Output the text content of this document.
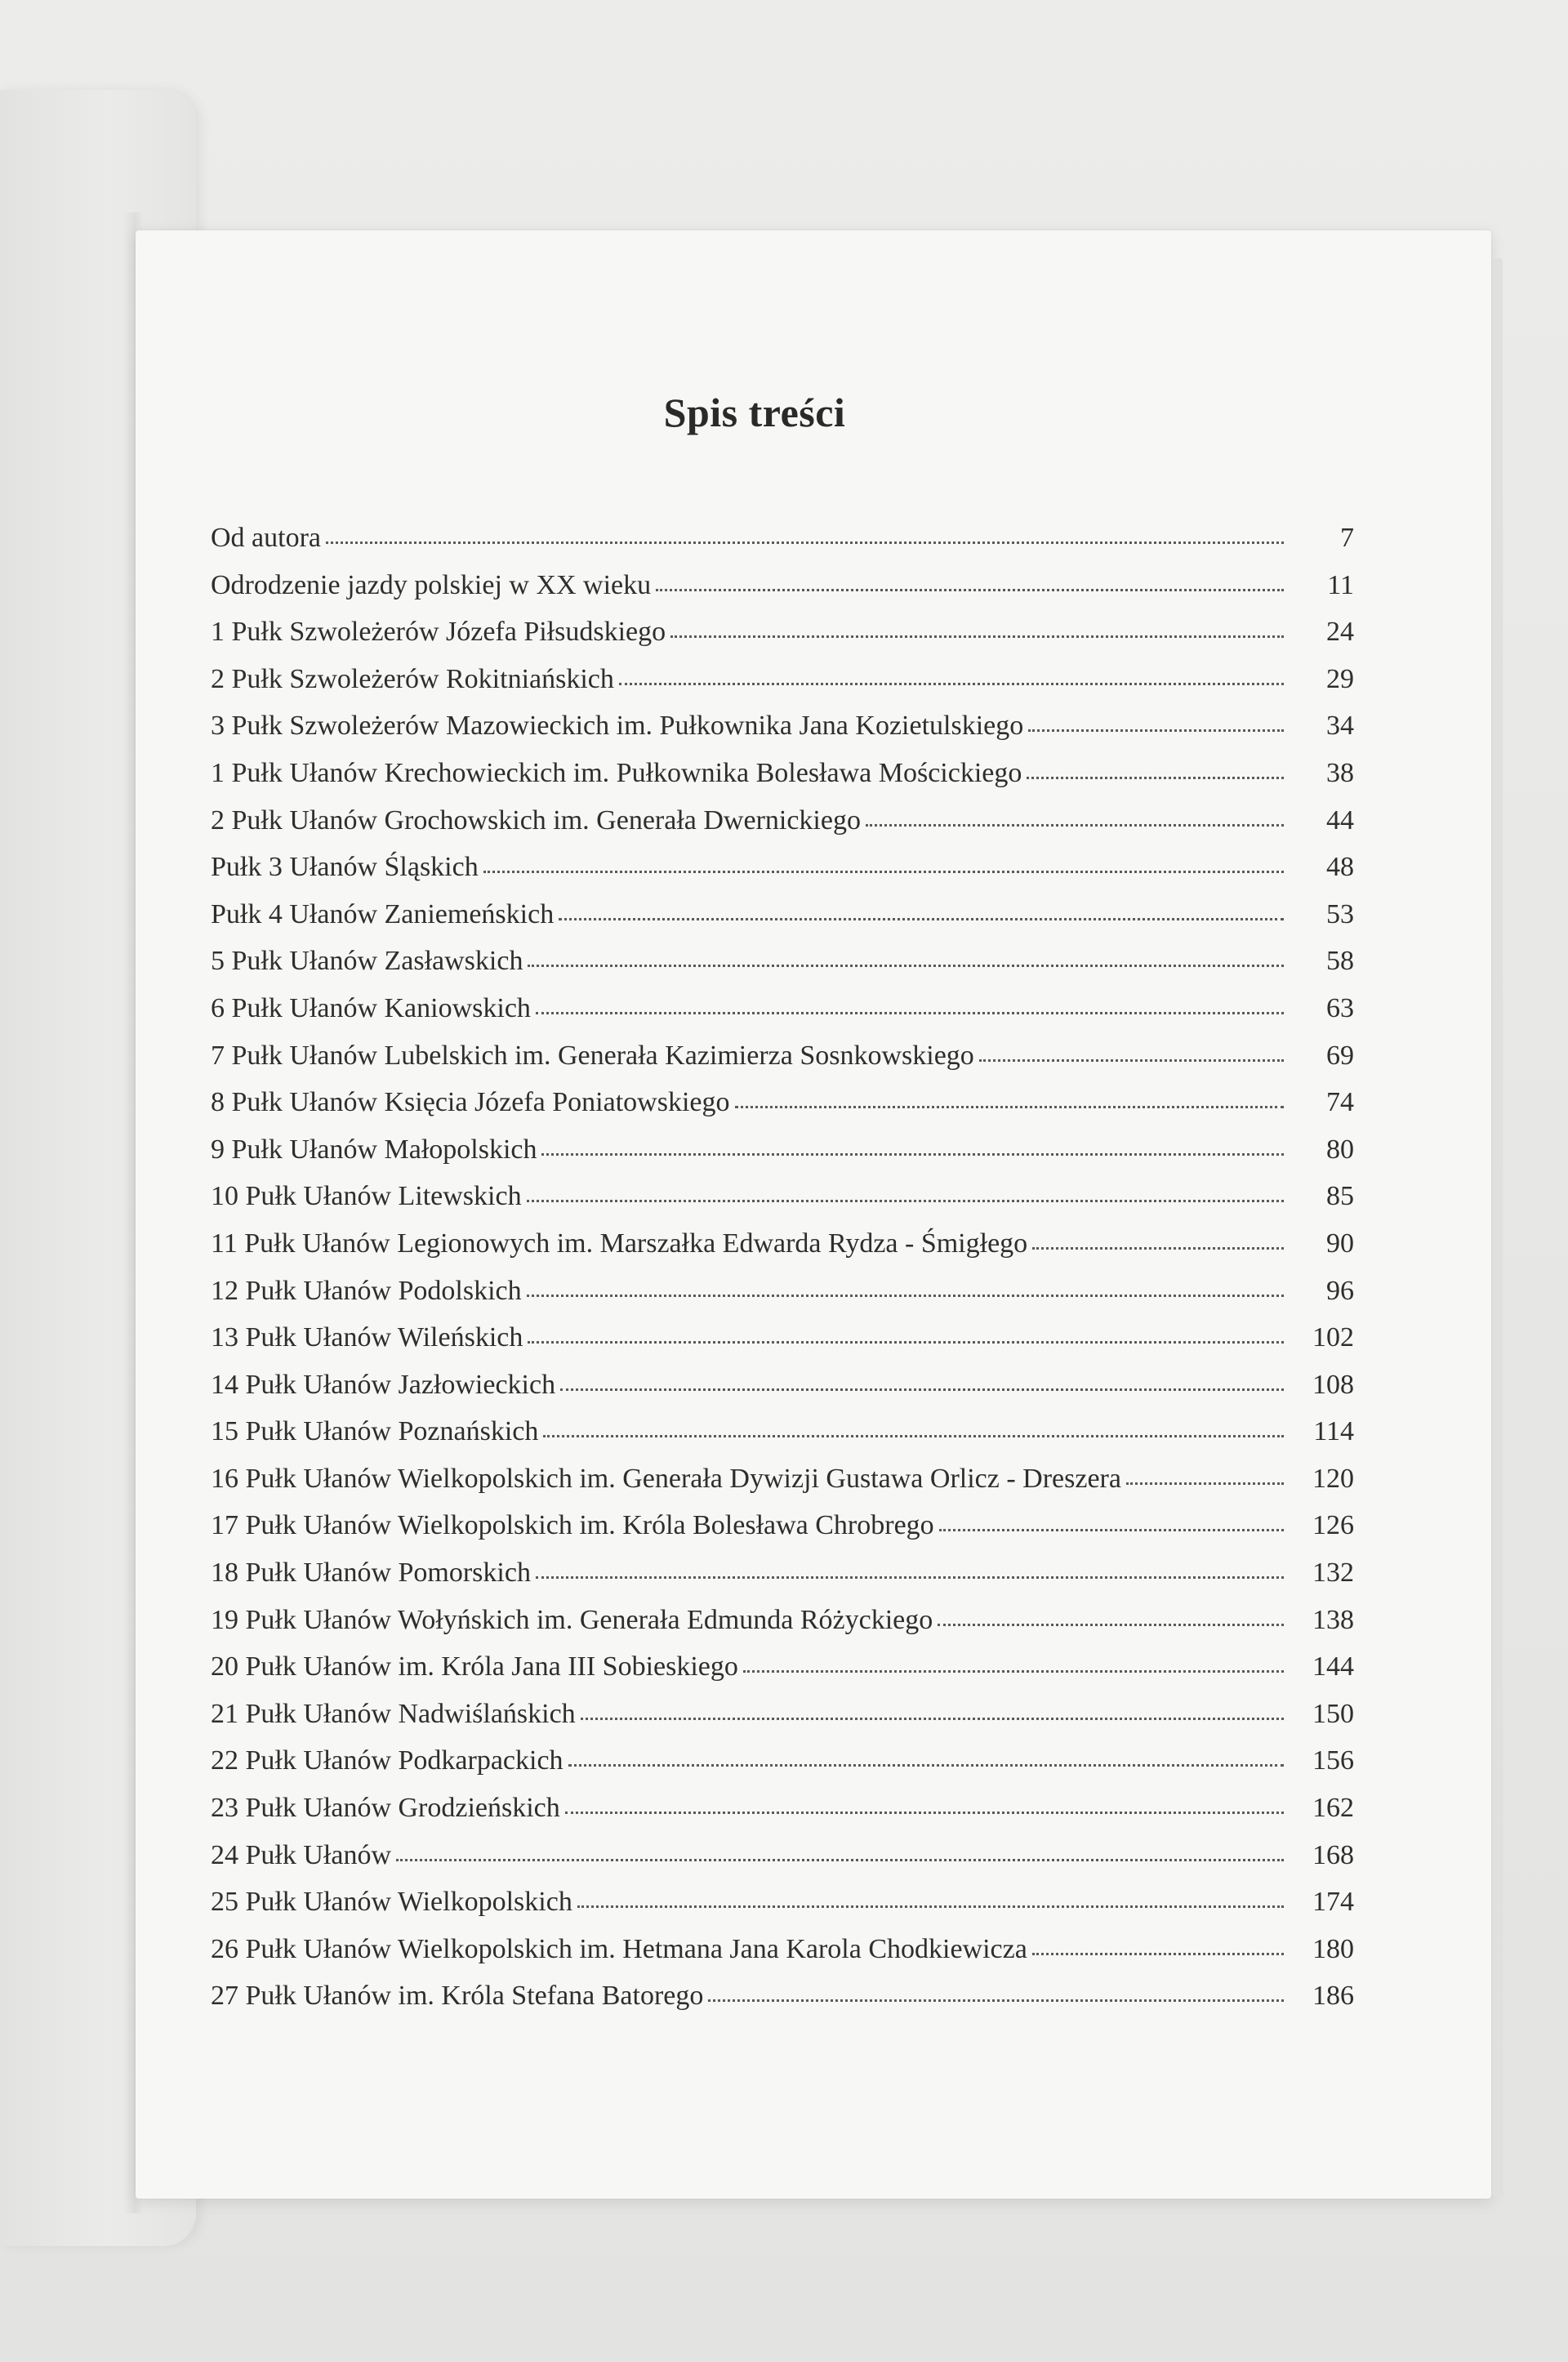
Spis treści
Od autora	7
Odrodzenie jazdy polskiej w XX wieku	11
1 Pułk Szwoleżerów Józefa Piłsudskiego	24
2 Pułk Szwoleżerów Rokitniańskich	29
3 Pułk Szwoleżerów Mazowieckich im. Pułkownika Jana Kozietulskiego	34
1 Pułk Ułanów Krechowieckich im. Pułkownika Bolesława Mościckiego	38
2 Pułk Ułanów Grochowskich im. Generała Dwernickiego	44
Pułk 3 Ułanów Śląskich	48
Pułk 4 Ułanów Zaniemeńskich	53
5 Pułk Ułanów Zasławskich	58
6 Pułk Ułanów Kaniowskich	63
7 Pułk Ułanów Lubelskich im. Generała Kazimierza Sosnkowskiego	69
8 Pułk Ułanów Księcia Józefa Poniatowskiego	74
9 Pułk Ułanów Małopolskich	80
10 Pułk Ułanów Litewskich	85
11 Pułk Ułanów Legionowych im. Marszałka Edwarda Rydza - Śmigłego	90
12 Pułk Ułanów Podolskich	96
13 Pułk Ułanów Wileńskich	102
14 Pułk Ułanów Jazłowieckich	108
15 Pułk Ułanów Poznańskich	114
16 Pułk Ułanów Wielkopolskich im. Generała Dywizji Gustawa Orlicz - Dreszera	120
17 Pułk Ułanów Wielkopolskich im. Króla Bolesława Chrobrego	126
18 Pułk Ułanów Pomorskich	132
19 Pułk Ułanów Wołyńskich im. Generała Edmunda Różyckiego	138
20 Pułk Ułanów im. Króla Jana III Sobieskiego	144
21 Pułk Ułanów Nadwiślańskich	150
22 Pułk Ułanów Podkarpackich	156
23 Pułk Ułanów Grodzieńskich	162
24 Pułk Ułanów	168
25 Pułk Ułanów Wielkopolskich	174
26 Pułk Ułanów Wielkopolskich im. Hetmana Jana Karola Chodkiewicza	180
27 Pułk Ułanów im. Króla Stefana Batorego	186
